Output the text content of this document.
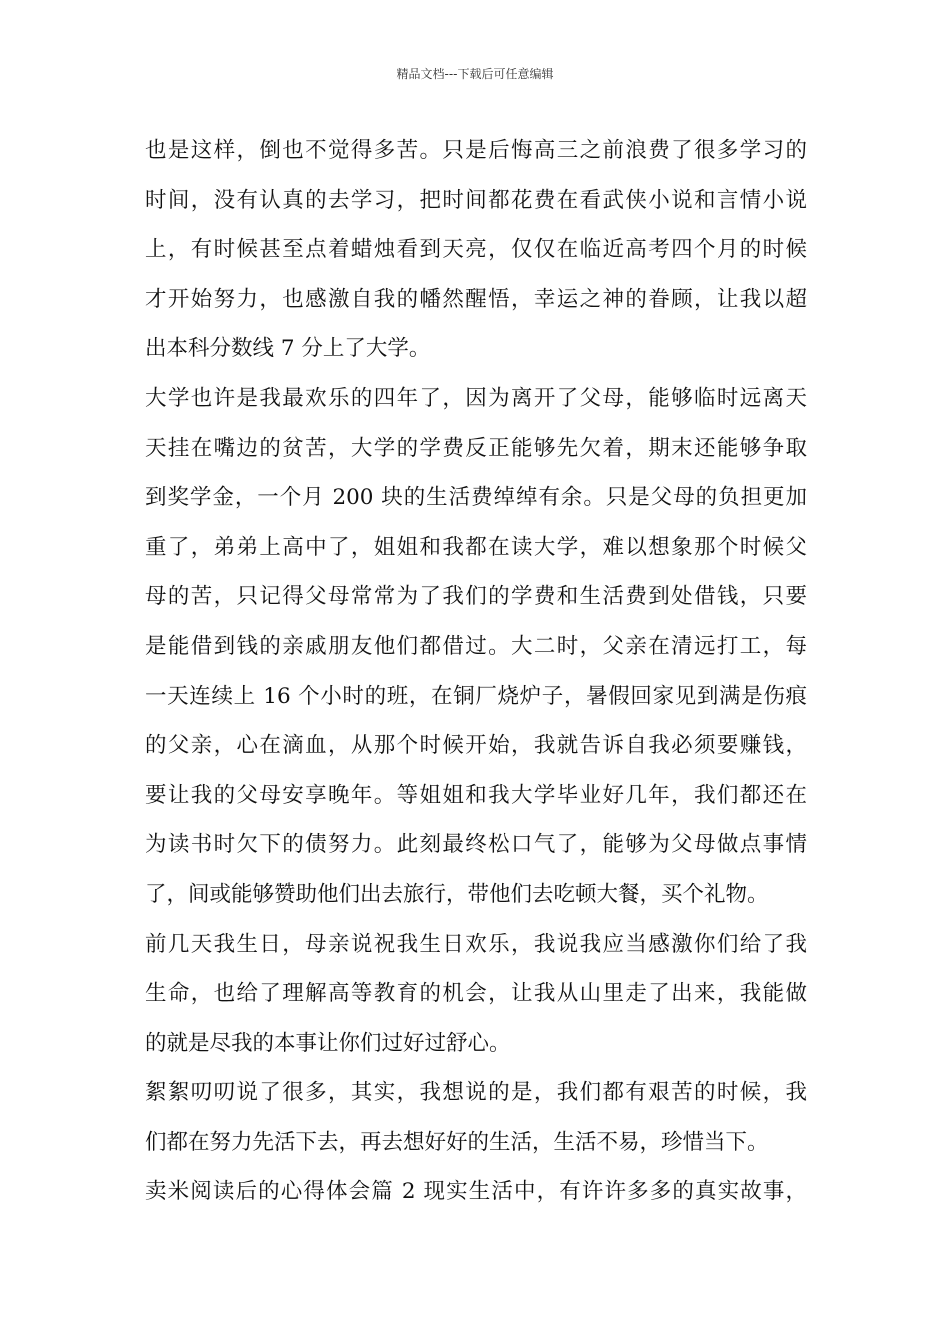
精品文档---下载后可任意编辑
也是这样，倒也不觉得多苦。只是后悔高三之前浪费了很多学习的
时间，没有认真的去学习，把时间都花费在看武侠小说和言情小说
上，有时候甚至点着蜡烛看到天亮，仅仅在临近高考四个月的时候
才开始努力，也感激自我的幡然醒悟，幸运之神的眷顾，让我以超
出本科分数线 7 分上了大学。
大学也许是我最欢乐的四年了，因为离开了父母，能够临时远离天
天挂在嘴边的贫苦，大学的学费反正能够先欠着，期末还能够争取
到奖学金，一个月 200 块的生活费绰绰有余。只是父母的负担更加
重了，弟弟上高中了，姐姐和我都在读大学，难以想象那个时候父
母的苦，只记得父母常常为了我们的学费和生活费到处借钱，只要
是能借到钱的亲戚朋友他们都借过。大二时，父亲在清远打工，每
一天连续上 16 个小时的班，在铜厂烧炉子，暑假回家见到满是伤痕
的父亲，心在滴血，从那个时候开始，我就告诉自我必须要赚钱，
要让我的父母安享晚年。等姐姐和我大学毕业好几年，我们都还在
为读书时欠下的债努力。此刻最终松口气了，能够为父母做点事情
了，间或能够赞助他们出去旅行，带他们去吃顿大餐，买个礼物。
前几天我生日，母亲说祝我生日欢乐，我说我应当感激你们给了我
生命，也给了理解高等教育的机会，让我从山里走了出来，我能做
的就是尽我的本事让你们过好过舒心。
絮絮叨叨说了很多，其实，我想说的是，我们都有艰苦的时候，我
们都在努力先活下去，再去想好好的生活，生活不易，珍惜当下。
卖米阅读后的心得体会篇 2 现实生活中，有许许多多的真实故事，
